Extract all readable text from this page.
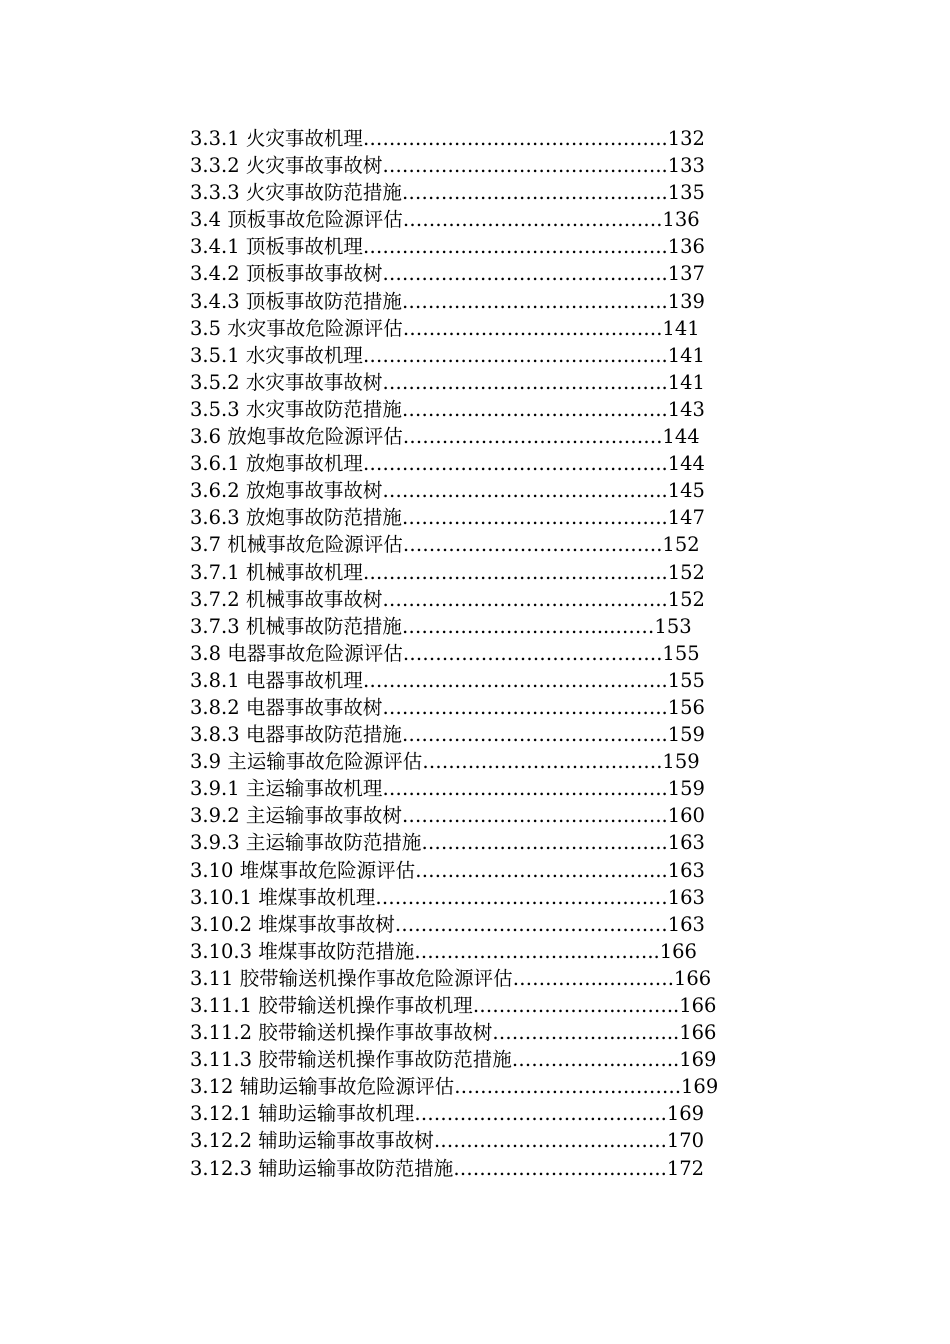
3.3.1 火灾事故机理………………………………………..132
3.3.2 火灾事故事故树……………………………………..133
3.3.3 火灾事故防范措施…………………………………..135
3.4 顶板事故危险源评估………………………………….136
3.4.1 顶板事故机理………………………………………..136
3.4.2 顶板事故事故树……………………………………..137
3.4.3 顶板事故防范措施…………………………………..139
3.5 水灾事故危险源评估………………………………….141
3.5.1 水灾事故机理………………………………………..141
3.5.2 水灾事故事故树……………………………………..141
3.5.3 水灾事故防范措施…………………………………..143
3.6 放炮事故危险源评估………………………………….144
3.6.1 放炮事故机理………………………………………..144
3.6.2 放炮事故事故树……………………………………..145
3.6.3 放炮事故防范措施…………………………………..147
3.7 机械事故危险源评估………………………………….152
3.7.1 机械事故机理………………………………………..152
3.7.2 机械事故事故树……………………………………..152
3.7.3 机械事故防范措施…………………………...……153
3.8 电器事故危险源评估………………………………….155
3.8.1 电器事故机理………………………………………..155
3.8.2 电器事故事故树……………………………………..156
3.8.3 电器事故防范措施…………………………………..159
3.9 主运输事故危险源评估……………………………….159
3.9.1 主运输事故机理……………………………………..159
3.9.2 主运输事故事故树…………………………………..160
3.9.3 主运输事故防范措施………………………………..163
3.10 堆煤事故危险源评估………………………………...163
3.10.1 堆煤事故机理………………………………………163
3.10.2 堆煤事故事故树……………………………………163
3.10.3 堆煤事故防范措施……………………...………..166
3.11 胶带输送机操作事故危险源评估…………...……….166
3.11.1 胶带输送机操作事故机理…………………...……..166
3.11.2 胶带输送机操作事故事故树………………...……..166
3.11.3 胶带输送机操作事故防范措施……………...……..169
3.12 辅助运输事故危险源评估…………………….……….169
3.12.1 辅助运输事故机理……………………….………..169
3.12.2 辅助运输事故事故树……………………….……..170
3.12.3 辅助运输事故防范措施…………………….……..172
